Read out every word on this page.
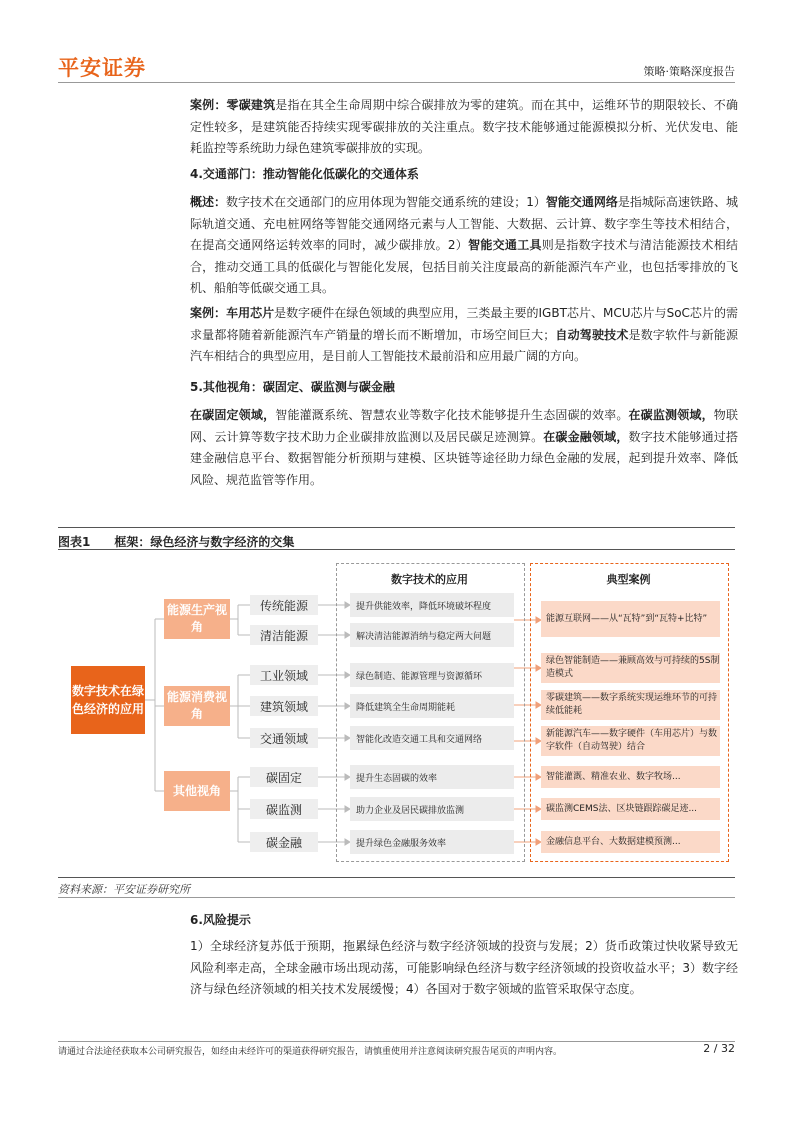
平安证券	策略·策略深度报告
案例：零碳建筑是指在其全生命周期中综合碳排放为零的建筑。而在其中，运维环节的期限较长、不确定性较多，是建筑能否持续实现零碳排放的关注重点。数字技术能够通过能源模拟分析、光伏发电、能耗监控等系统助力绿色建筑零碳排放的实现。
4.交通部门：推动智能化低碳化的交通体系
概述：数字技术在交通部门的应用体现为智能交通系统的建设；1）智能交通网络是指城际高速铁路、城际轨道交通、充电桩网络等智能交通网络元素与人工智能、大数据、云计算、数字孪生等技术相结合，在提高交通网络运转效率的同时，减少碳排放。2）智能交通工具则是指数字技术与清洁能源技术相结合，推动交通工具的低碳化与智能化发展，包括目前关注度最高的新能源汽车产业，也包括零排放的飞机、船舶等低碳交通工具。
案例：车用芯片是数字硬件在绿色领域的典型应用，三类最主要的IGBT芯片、MCU芯片与SoC芯片的需求量都将随着新能源汽车产销量的增长而不断增加，市场空间巨大；自动驾驶技术是数字软件与新能源汽车相结合的典型应用，是目前人工智能技术最前沿和应用最广阔的方向。
5.其他视角：碳固定、碳监测与碳金融
在碳固定领域，智能灌溉系统、智慧农业等数字化技术能够提升生态固碳的效率。在碳监测领域，物联网、云计算等数字技术助力企业碳排放监测以及居民碳足迹测算。在碳金融领域，数字技术能够通过搭建金融信息平台、数据智能分析预期与建模、区块链等途径助力绿色金融的发展，起到提升效率、降低风险、规范监管等作用。
图表1　　框架：绿色经济与数字经济的交集
数字技术在绿色经济的应用
能源生产视角
能源消费视角
其他视角
传统能源
清洁能源
工业领域
建筑领域
交通领域
碳固定
碳监测
碳金融
数字技术的应用	典型案例
提升供能效率，降低环境破坏程度
解决清洁能源消纳与稳定两大问题
绿色制造、能源管理与资源循环
降低建筑全生命周期能耗
智能化改造交通工具和交通网络
提升生态固碳的效率
助力企业及居民碳排放监测
提升绿色金融服务效率
能源互联网——从“瓦特”到“瓦特+比特”
绿色智能制造——兼顾高效与可持续的5S制造模式
零碳建筑——数字系统实现运维环节的可持续低能耗
新能源汽车——数字硬件（车用芯片）与数字软件（自动驾驶）结合
智能灌溉、精准农业、数字牧场...
碳监测CEMS法、区块链跟踪碳足迹...
金融信息平台、大数据建模预测...
资料来源：平安证券研究所
6.风险提示
1）全球经济复苏低于预期，拖累绿色经济与数字经济领域的投资与发展；2）货币政策过快收紧导致无风险利率走高，全球金融市场出现动荡，可能影响绿色经济与数字经济领域的投资收益水平；3）数字经济与绿色经济领域的相关技术发展缓慢；4）各国对于数字领域的监管采取保守态度。
请通过合法途径获取本公司研究报告，如经由未经许可的渠道获得研究报告，请慎重使用并注意阅读研究报告尾页的声明内容。	2 / 32
